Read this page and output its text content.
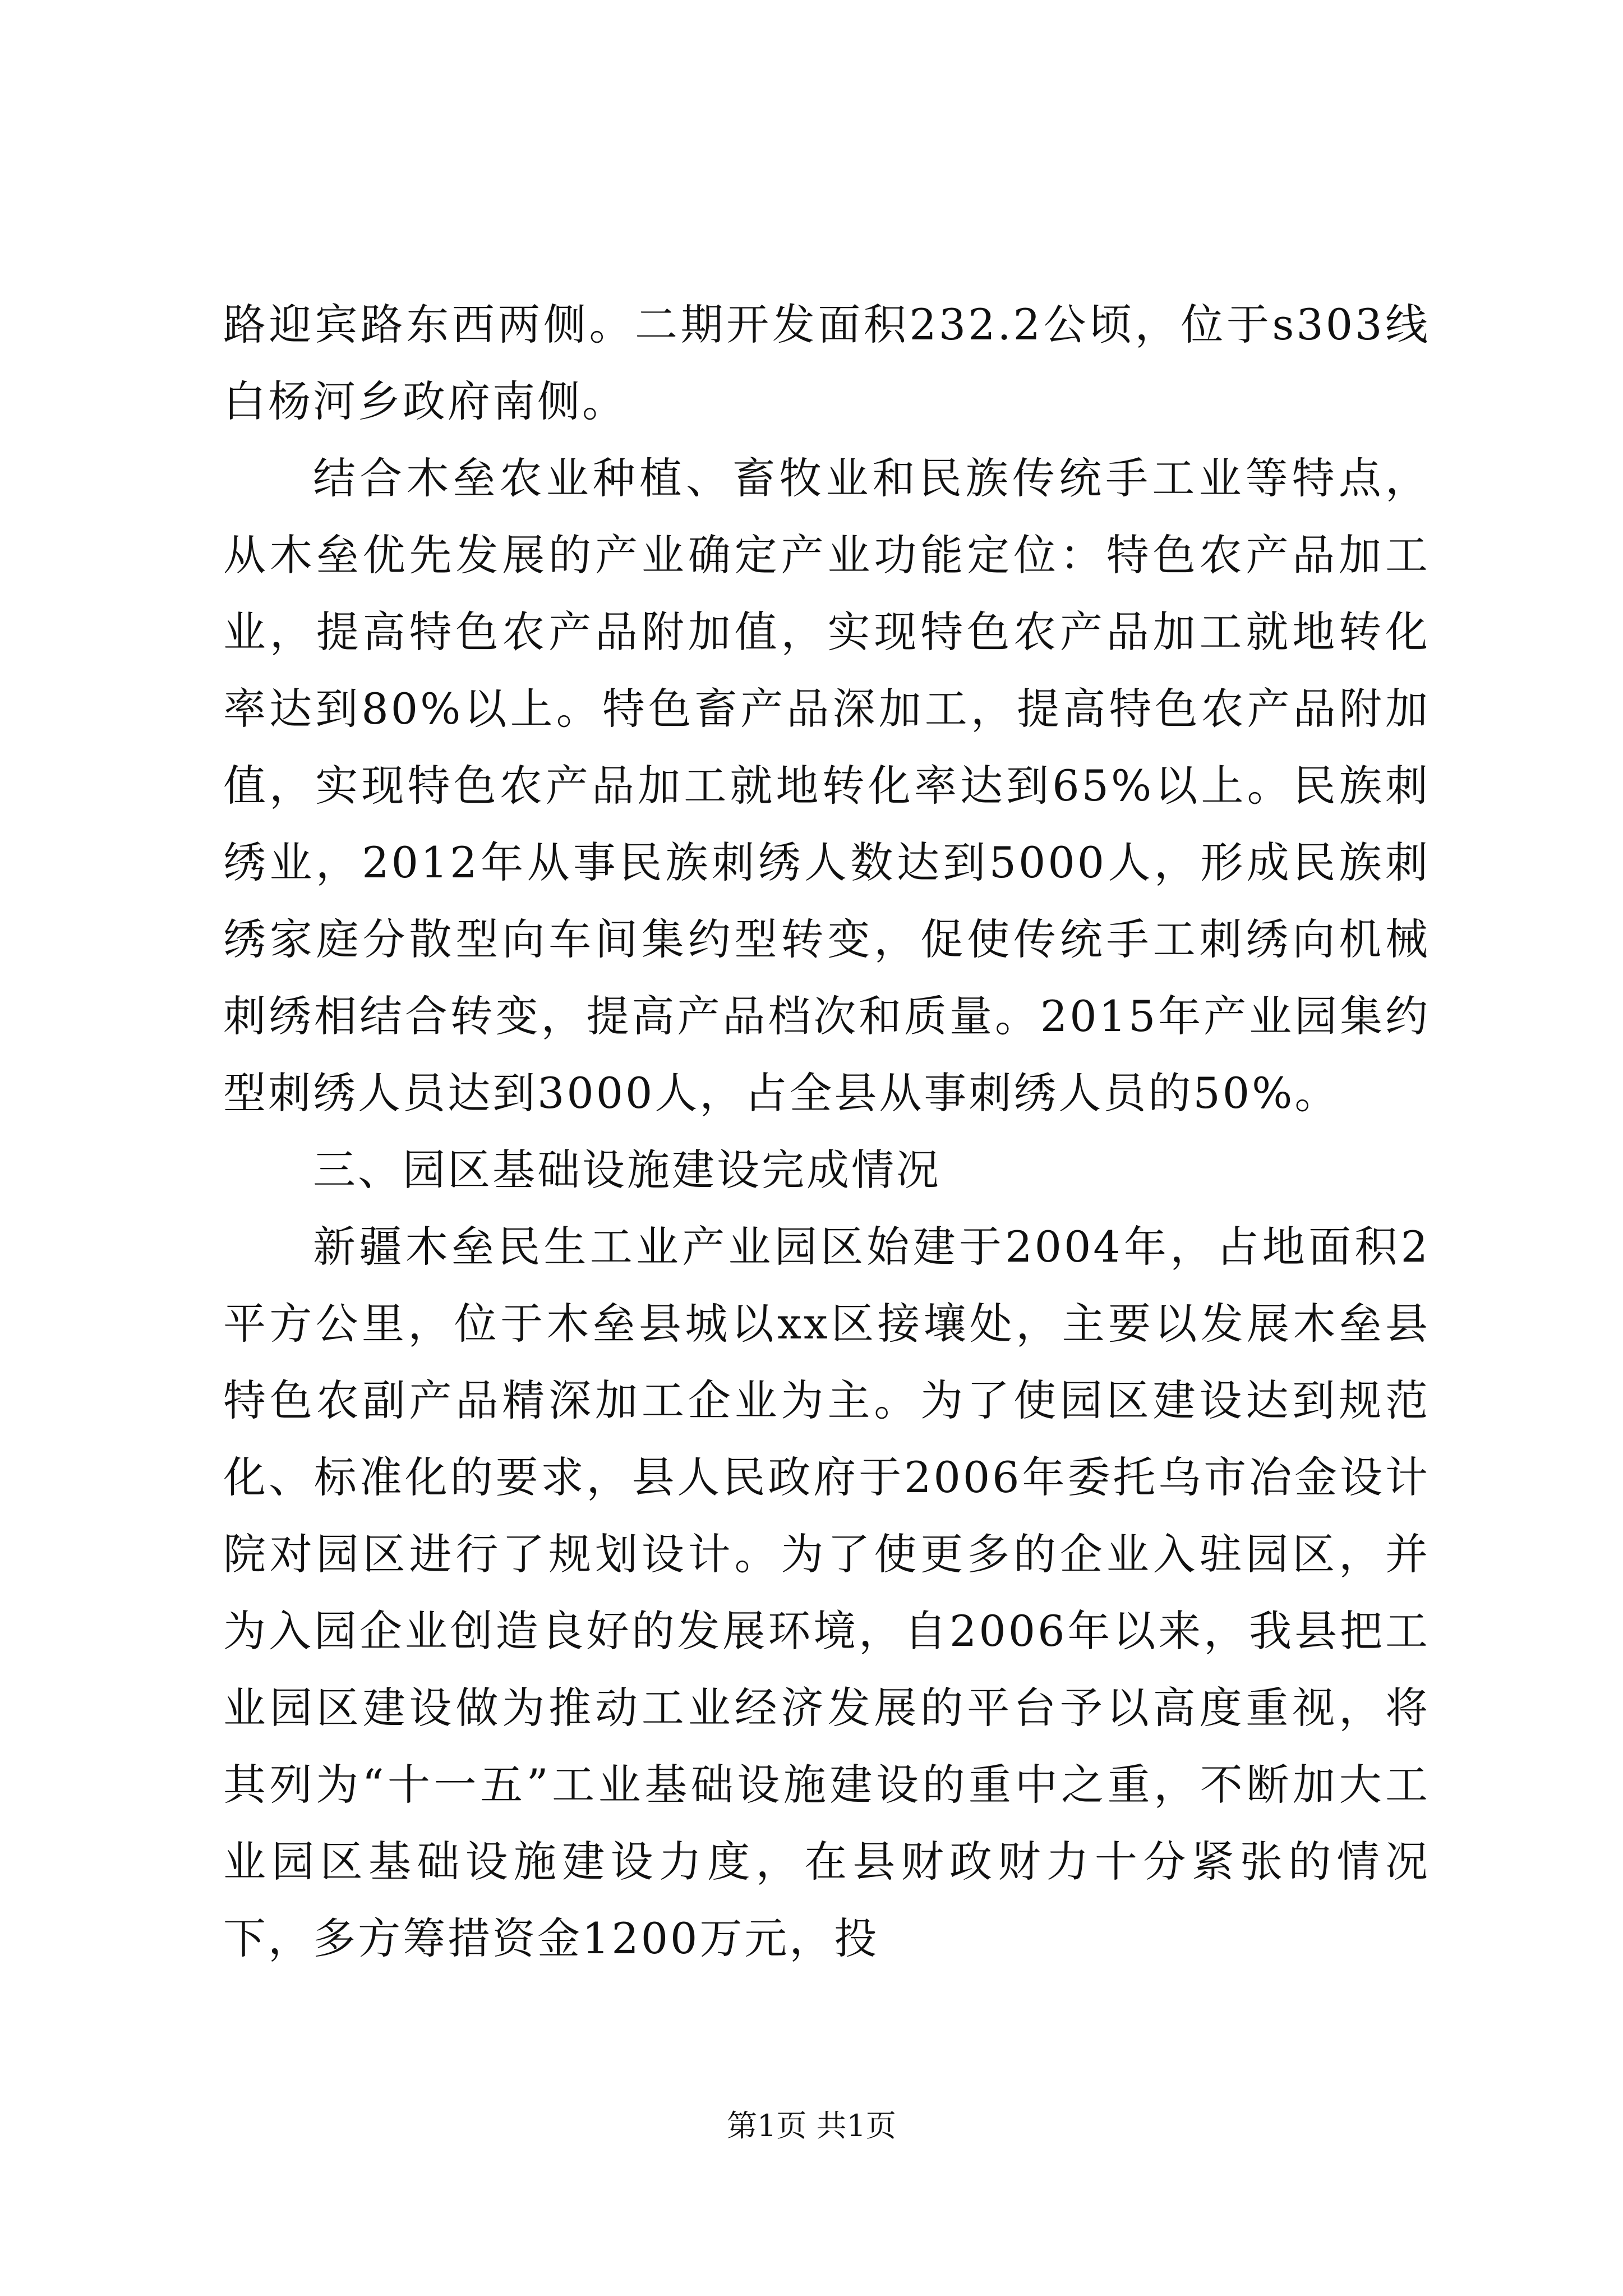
路迎宾路东西两侧。二期开发面积232.2公顷，位于s303线白杨河乡政府南侧。

结合木垒农业种植、畜牧业和民族传统手工业等特点，从木垒优先发展的产业确定产业功能定位：特色农产品加工业，提高特色农产品附加值，实现特色农产品加工就地转化率达到80%以上。特色畜产品深加工，提高特色农产品附加值，实现特色农产品加工就地转化率达到65%以上。民族刺绣业，2012年从事民族刺绣人数达到5000人，形成民族刺绣家庭分散型向车间集约型转变，促使传统手工刺绣向机械刺绣相结合转变，提高产品档次和质量。2015年产业园集约型刺绣人员达到3000人，占全县从事刺绣人员的50%。

三、园区基础设施建设完成情况

新疆木垒民生工业产业园区始建于2004年，占地面积2平方公里，位于木垒县城以xx区接壤处，主要以发展木垒县特色农副产品精深加工企业为主。为了使园区建设达到规范化、标准化的要求，县人民政府于2006年委托乌市冶金设计院对园区进行了规划设计。为了使更多的企业入驻园区，并为入园企业创造良好的发展环境，自2006年以来，我县把工业园区建设做为推动工业经济发展的平台予以高度重视，将其列为“十一五”工业基础设施建设的重中之重，不断加大工业园区基础设施建设力度，在县财政财力十分紧张的情况下，多方筹措资金1200万元，投

第1页 共1页
